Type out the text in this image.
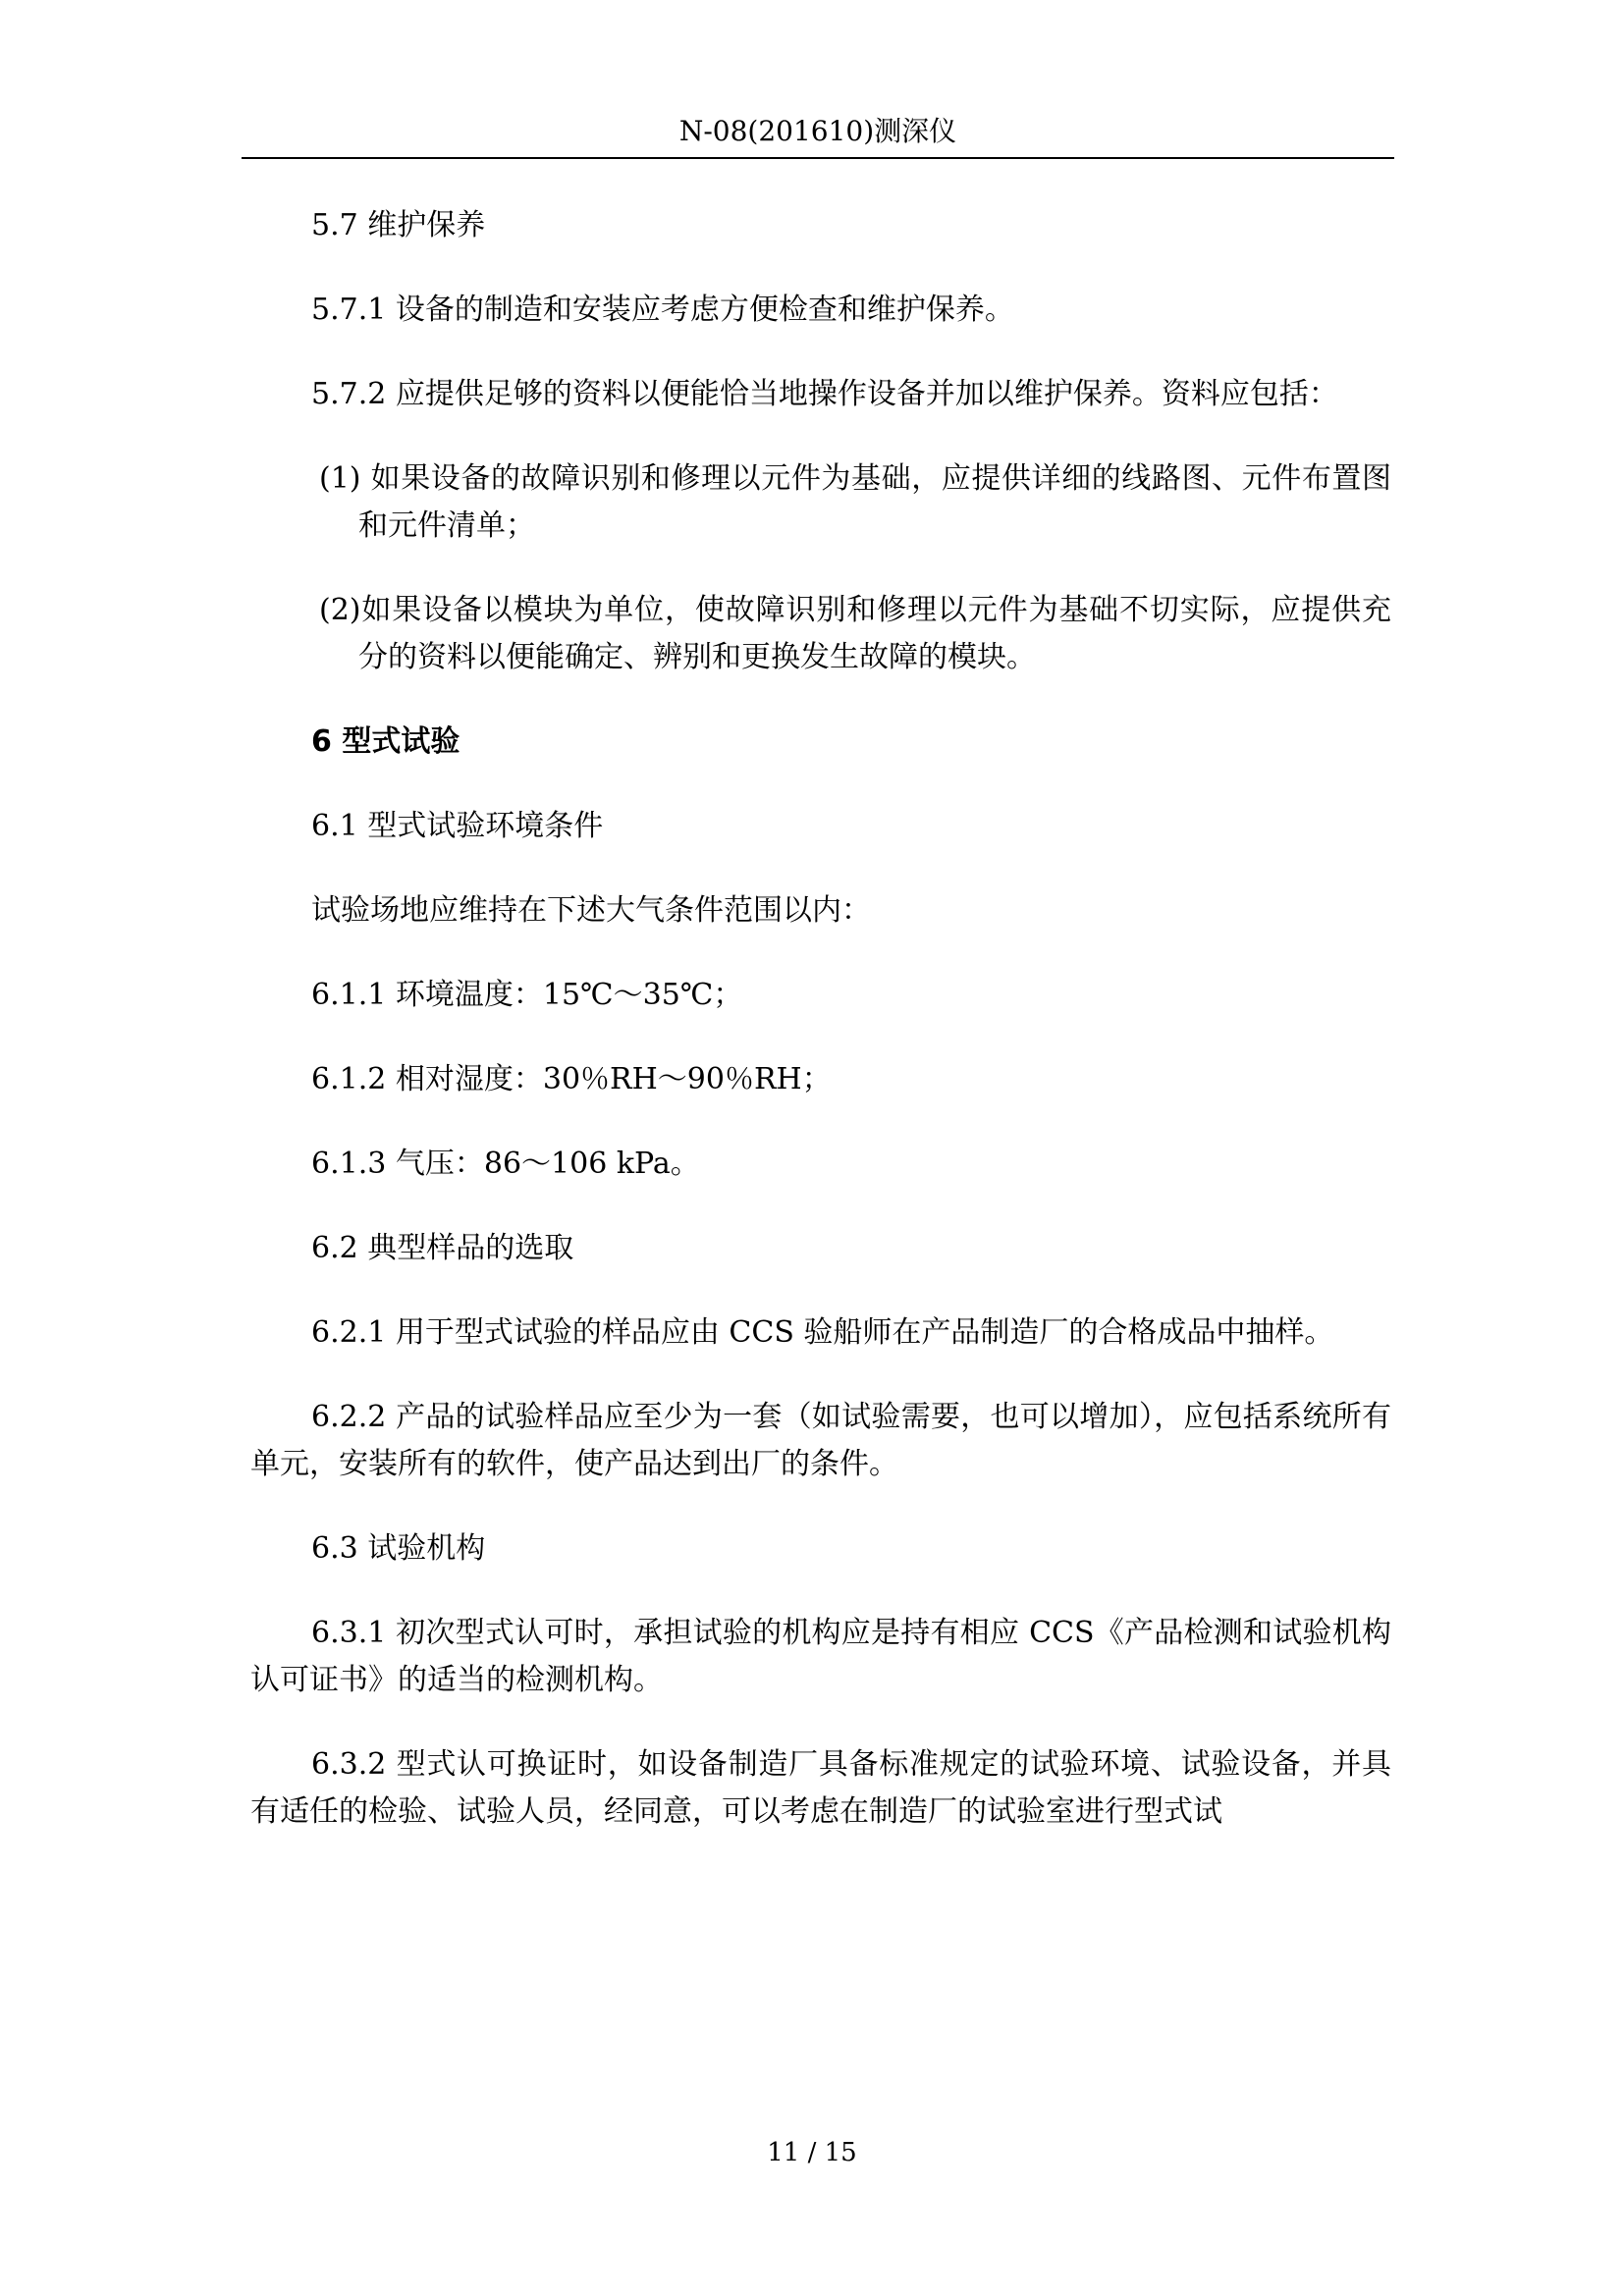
N-08(201610)测深仪

5.7 维护保养

5.7.1 设备的制造和安装应考虑方便检查和维护保养。

5.7.2 应提供足够的资料以便能恰当地操作设备并加以维护保养。资料应包括：

(1) 如果设备的故障识别和修理以元件为基础，应提供详细的线路图、元件布置图和元件清单；

(2)如果设备以模块为单位，使故障识别和修理以元件为基础不切实际，应提供充分的资料以便能确定、辨别和更换发生故障的模块。

6 型式试验

6.1 型式试验环境条件

试验场地应维持在下述大气条件范围以内：

6.1.1 环境温度：15℃～35℃；

6.1.2 相对湿度：30％RH～90％RH；

6.1.3 气压：86～106 kPa。

6.2 典型样品的选取

6.2.1 用于型式试验的样品应由 CCS 验船师在产品制造厂的合格成品中抽样。

6.2.2 产品的试验样品应至少为一套（如试验需要，也可以增加），应包括系统所有单元，安装所有的软件，使产品达到出厂的条件。

6.3 试验机构

6.3.1 初次型式认可时，承担试验的机构应是持有相应 CCS《产品检测和试验机构认可证书》的适当的检测机构。

6.3.2 型式认可换证时，如设备制造厂具备标准规定的试验环境、试验设备，并具有适任的检验、试验人员，经同意，可以考虑在制造厂的试验室进行型式试

11 / 15
